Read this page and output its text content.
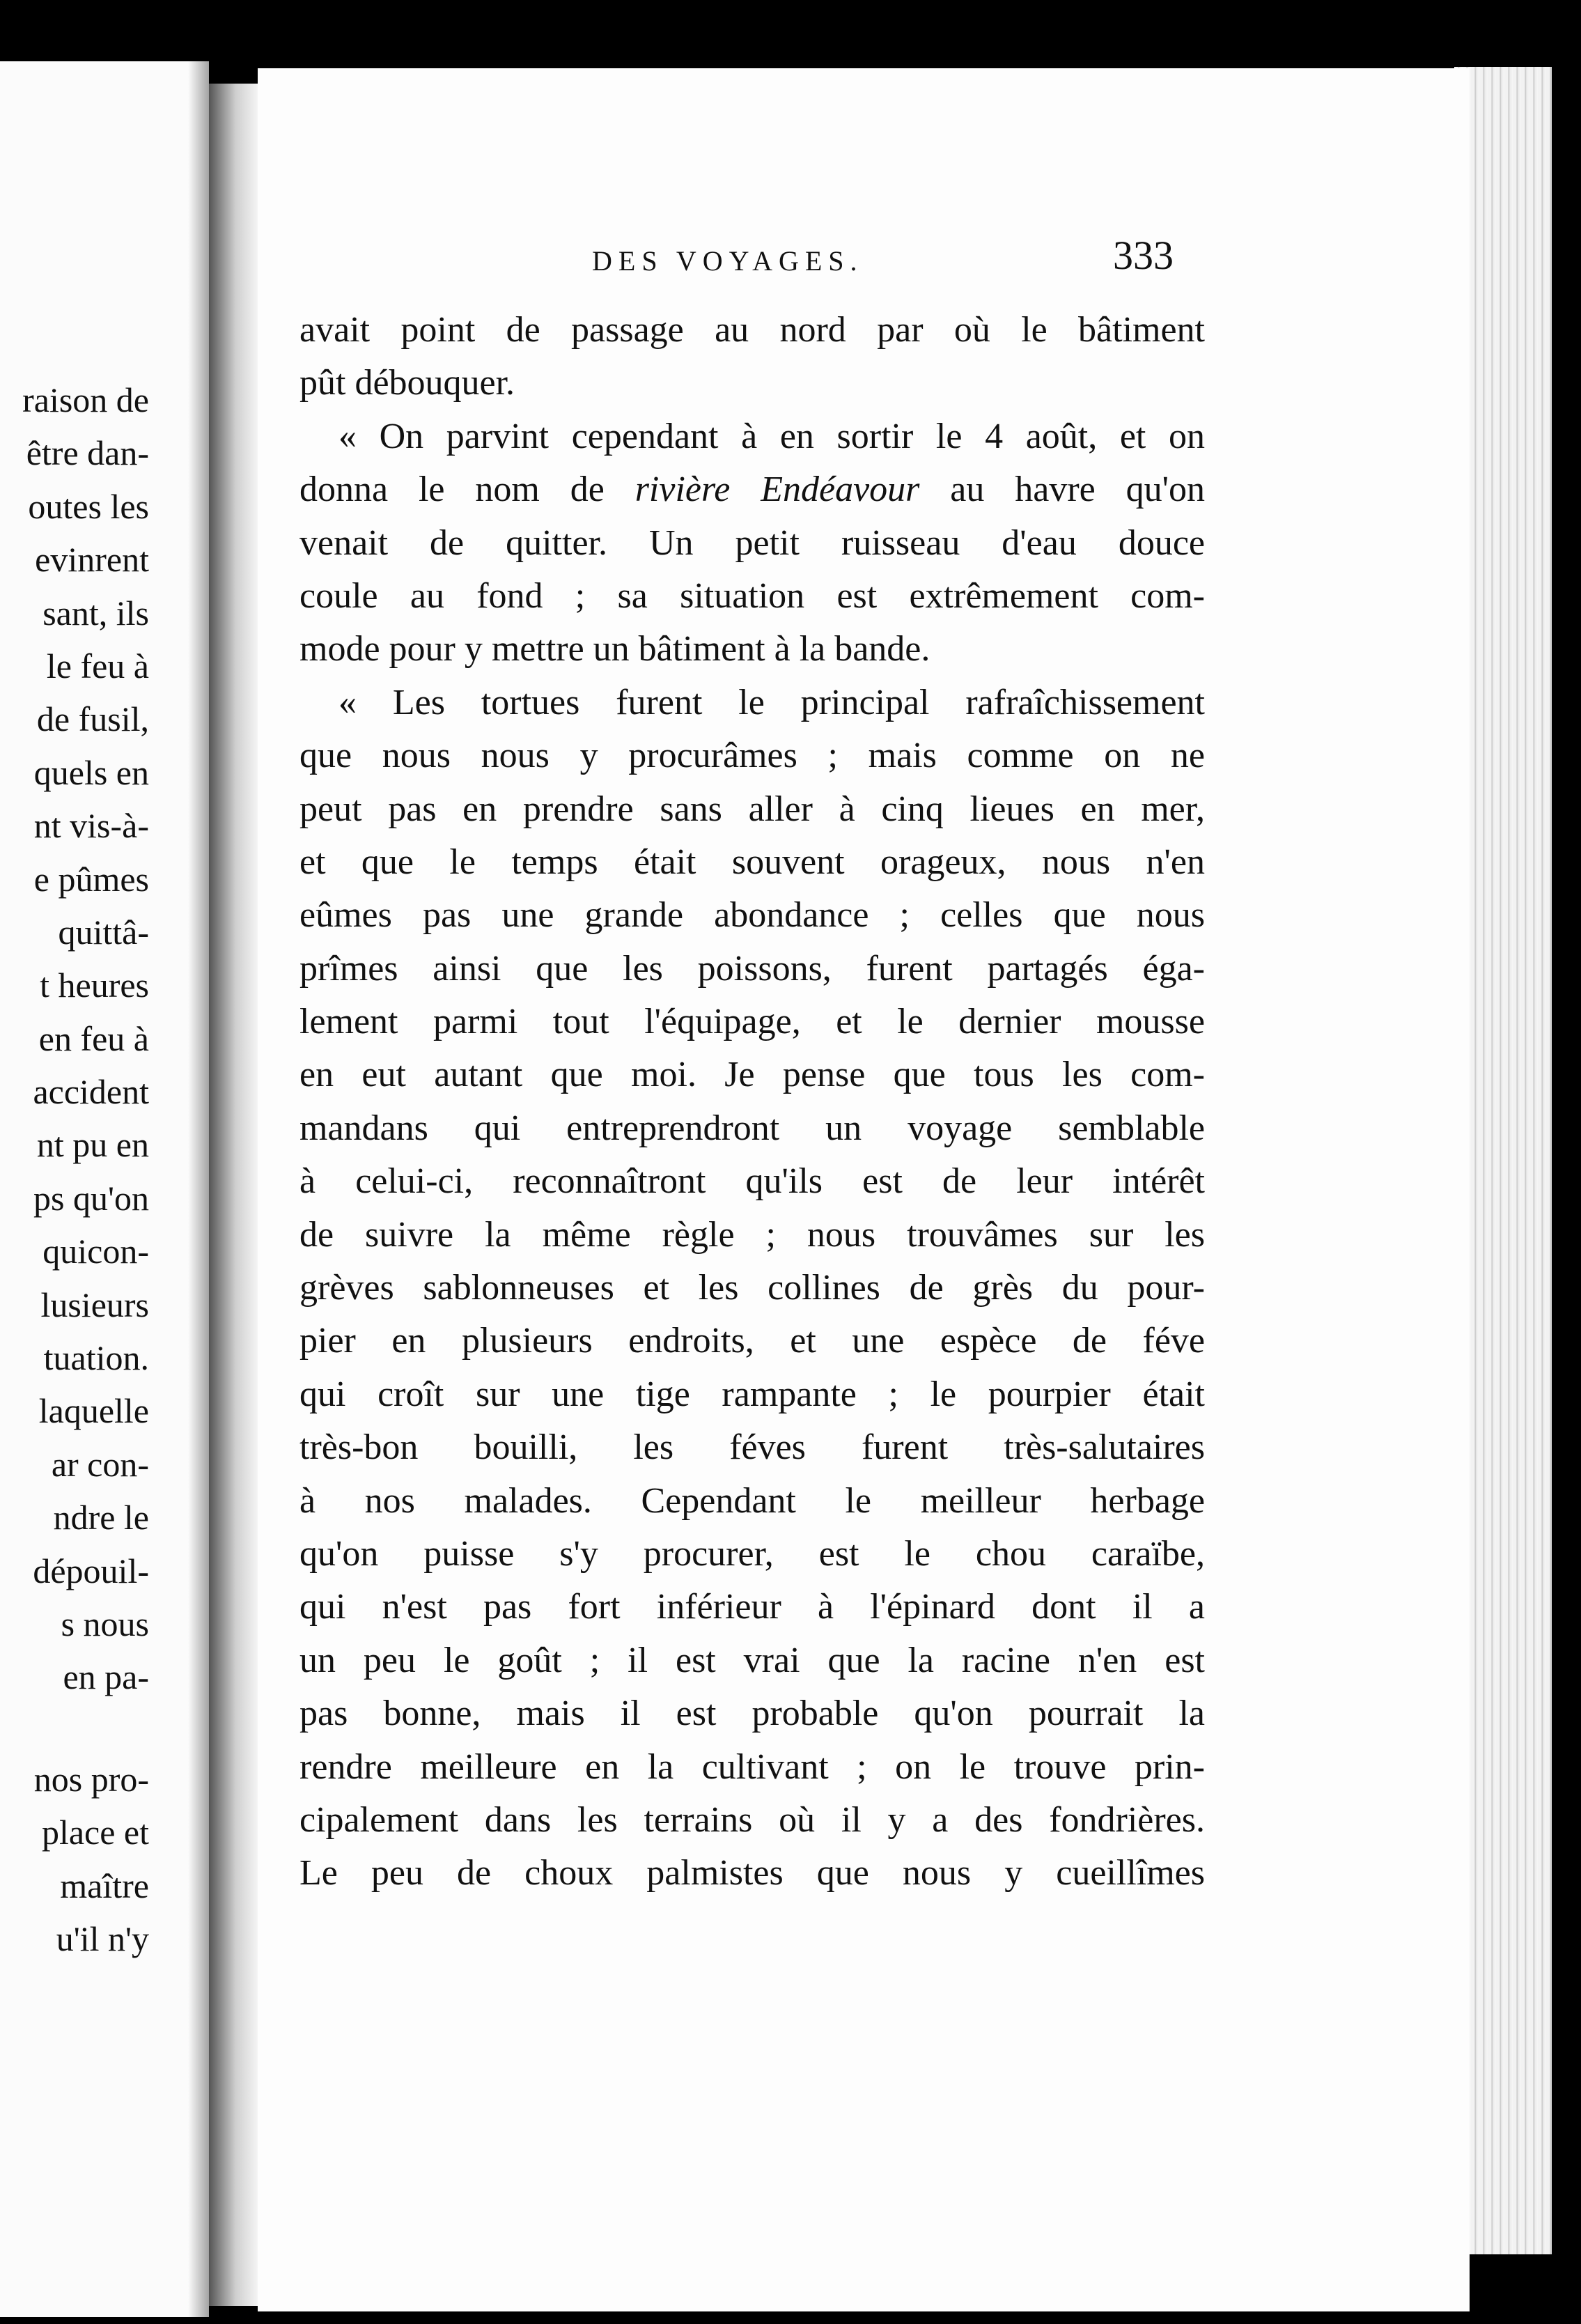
raison de
être dan-
outes les
evinrent
sant, ils
le feu à
de fusil,
quels en
nt vis-à-
e pûmes
quittâ-
t heures
en feu à
accident
nt pu en
ps qu'on
quicon-
lusieurs
tuation.
laquelle
ar con-
ndre le
dépouil-
s nous
en pa-
nos pro-
place et
maître
u'il n'y
DES VOYAGES.	333
avait point de passage au nord par où le bâtiment
pût débouquer.
« On parvint cependant à en sortir le 4 août, et on
donna le nom de rivière Endéavour au havre qu'on
venait de quitter. Un petit ruisseau d'eau douce
coule au fond ; sa situation est extrêmement com-
mode pour y mettre un bâtiment à la bande.
« Les tortues furent le principal rafraîchissement
que nous nous y procurâmes ; mais comme on ne
peut pas en prendre sans aller à cinq lieues en mer,
et que le temps était souvent orageux, nous n'en
eûmes pas une grande abondance ; celles que nous
prîmes ainsi que les poissons, furent partagés éga-
lement parmi tout l'équipage, et le dernier mousse
en eut autant que moi. Je pense que tous les com-
mandans qui entreprendront un voyage semblable
à celui-ci, reconnaîtront qu'ils est de leur intérêt
de suivre la même règle ; nous trouvâmes sur les
grèves sablonneuses et les collines de grès du pour-
pier en plusieurs endroits, et une espèce de féve
qui croît sur une tige rampante ; le pourpier était
très-bon bouilli, les féves furent très-salutaires
à nos malades. Cependant le meilleur herbage
qu'on puisse s'y procurer, est le chou caraïbe,
qui n'est pas fort inférieur à l'épinard dont il a
un peu le goût ; il est vrai que la racine n'en est
pas bonne, mais il est probable qu'on pourrait la
rendre meilleure en la cultivant ; on le trouve prin-
cipalement dans les terrains où il y a des fondrières.
Le peu de choux palmistes que nous y cueillîmes
